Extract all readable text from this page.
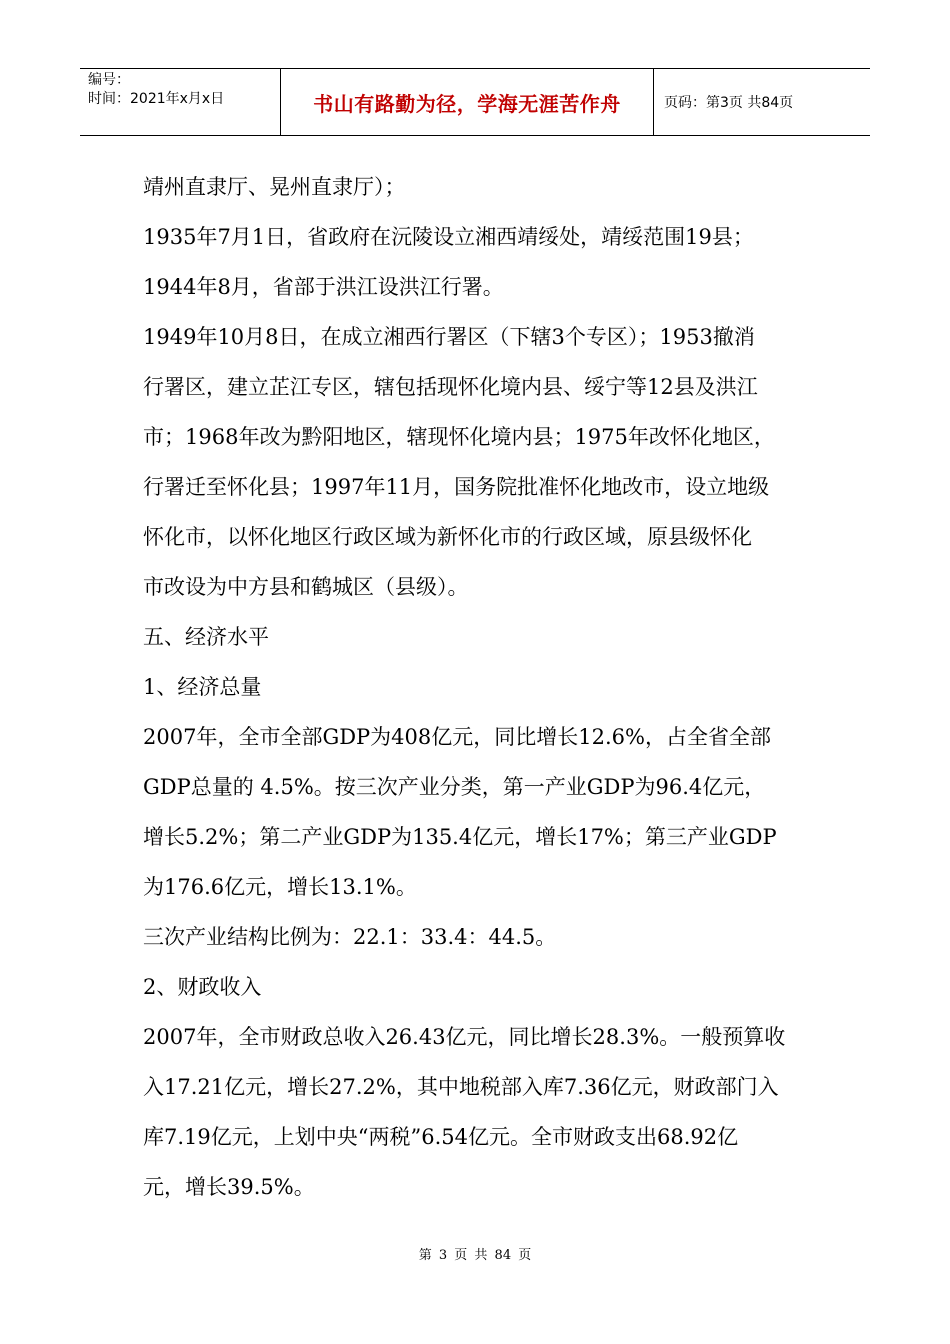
编号：
时间：2021年x月x日	书山有路勤为径，学海无涯苦作舟	页码：第3页 共84页

靖州直隶厅、晃州直隶厅）；

1935年7月1日，省政府在沅陵设立湘西靖绥处，靖绥范围19县；

1944年8月，省部于洪江设洪江行署。

1949年10月8日，在成立湘西行署区（下辖3个专区）；1953撤消

行署区，建立芷江专区，辖包括现怀化境内县、绥宁等12县及洪江

市；1968年改为黔阳地区，辖现怀化境内县；1975年改怀化地区，

行署迁至怀化县；1997年11月，国务院批准怀化地改市，设立地级

怀化市，以怀化地区行政区域为新怀化市的行政区域，原县级怀化

市改设为中方县和鹤城区（县级）。

五、经济水平

1、经济总量

2007年，全市全部GDP为408亿元，同比增长12.6%，占全省全部

GDP总量的 4.5%。按三次产业分类，第一产业GDP为96.4亿元，

增长5.2%；第二产业GDP为135.4亿元，增长17%；第三产业GDP

为176.6亿元，增长13.1%。

三次产业结构比例为：22.1：33.4：44.5。

2、财政收入

2007年，全市财政总收入26.43亿元，同比增长28.3%。一般预算收

入17.21亿元，增长27.2%，其中地税部入库7.36亿元，财政部门入

库7.19亿元，上划中央“两税”6.54亿元。全市财政支出68.92亿

元，增长39.5%。

第 3 页 共 84 页
